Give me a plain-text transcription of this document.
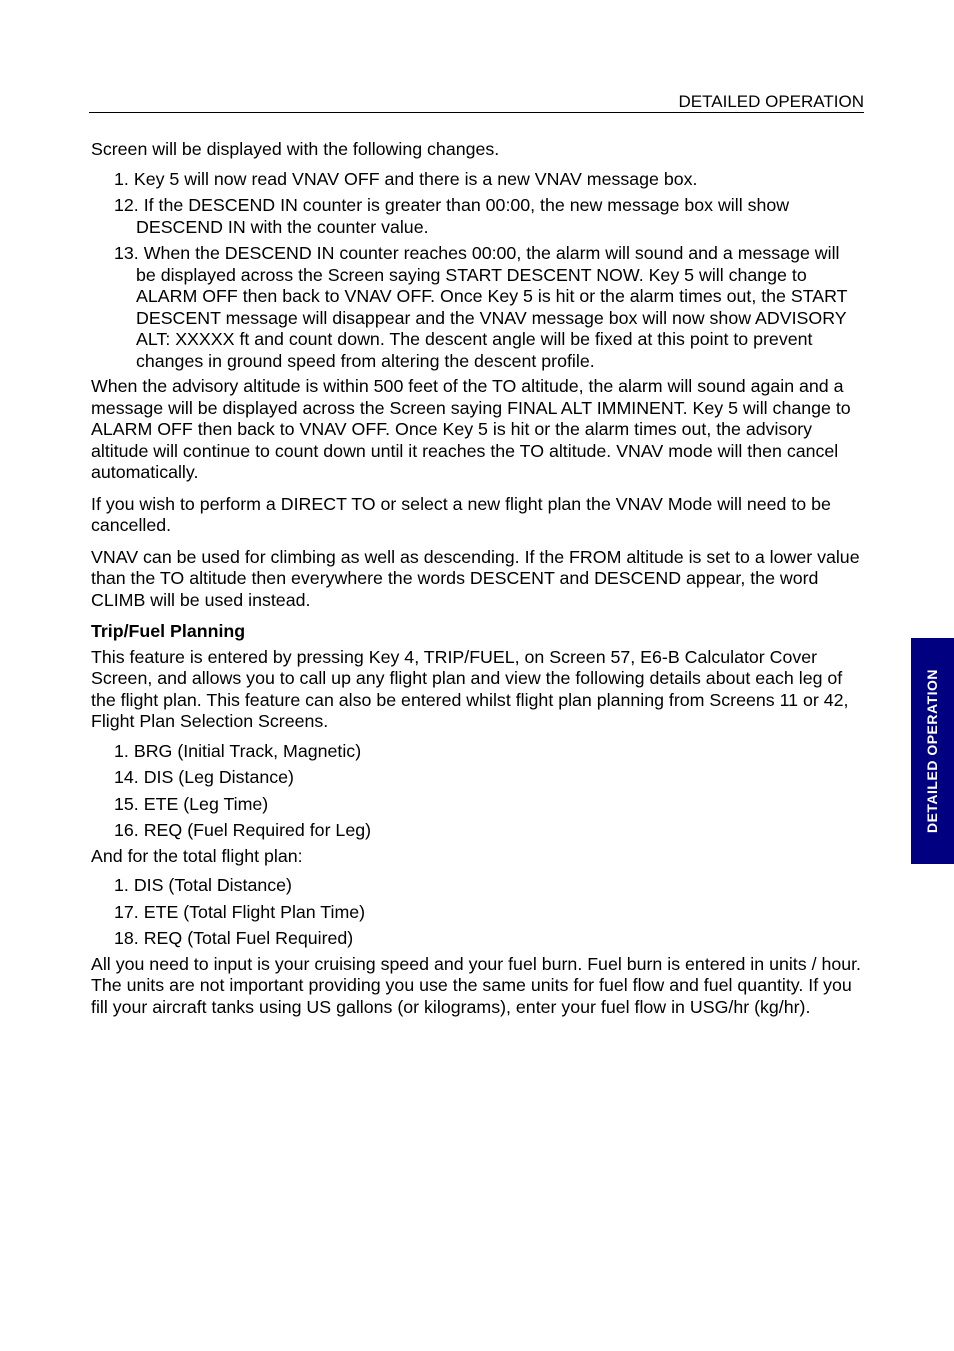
DETAILED OPERATION

Screen will be displayed with the following changes.

1. Key 5 will now read VNAV OFF and there is a new VNAV message box.
12. If the DESCEND IN counter is greater than 00:00, the new message box will show DESCEND IN with the counter value.
13. When the DESCEND IN counter reaches 00:00, the alarm will sound and a message will be displayed across the Screen saying START DESCENT NOW. Key 5 will change to ALARM OFF then back to VNAV OFF. Once Key 5 is hit or the alarm times out, the START DESCENT message will disappear and the VNAV message box will now show ADVISORY ALT: XXXXX ft and count down. The descent angle will be fixed at this point to prevent changes in ground speed from altering the descent profile.

When the advisory altitude is within 500 feet of the TO altitude, the alarm will sound again and a message will be displayed across the Screen saying FINAL ALT IMMINENT. Key 5 will change to ALARM OFF then back to VNAV OFF. Once Key 5 is hit or the alarm times out, the advisory altitude will continue to count down until it reaches the TO altitude. VNAV mode will then cancel automatically.

If you wish to perform a DIRECT TO or select a new flight plan the VNAV Mode will need to be cancelled.

VNAV can be used for climbing as well as descending. If the FROM altitude is set to a lower value than the TO altitude then everywhere the words DESCENT and DESCEND appear, the word CLIMB will be used instead.

Trip/Fuel Planning

This feature is entered by pressing Key 4, TRIP/FUEL, on Screen 57, E6-B Calculator Cover Screen, and allows you to call up any flight plan and view the following details about each leg of the flight plan. This feature can also be entered whilst flight plan planning from Screens 11 or 42, Flight Plan Selection Screens.

1. BRG (Initial Track, Magnetic)
14. DIS (Leg Distance)
15. ETE (Leg Time)
16. REQ (Fuel Required for Leg)

And for the total flight plan:

1. DIS (Total Distance)
17. ETE (Total Flight Plan Time)
18. REQ (Total Fuel Required)

All you need to input is your cruising speed and your fuel burn. Fuel burn is entered in units / hour. The units are not important providing you use the same units for fuel flow and fuel quantity. If you fill your aircraft tanks using US gallons (or kilograms), enter your fuel flow in USG/hr (kg/hr).

DETAILED OPERATION
